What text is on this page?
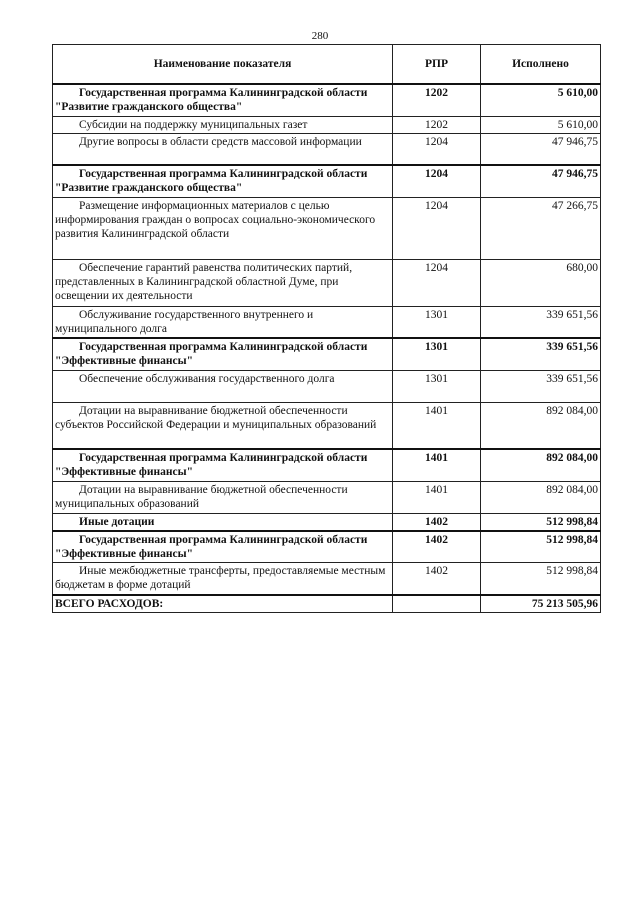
280
Наименование показателя	РПР	Исполнено
Государственная программа Калининградской области "Развитие гражданского общества"	1202	5 610,00
Субсидии на поддержку муниципальных газет	1202	5 610,00
Другие вопросы в области средств массовой информации	1204	47 946,75
Государственная программа Калининградской области "Развитие гражданского общества"	1204	47 946,75
Размещение информационных материалов с целью информирования граждан о вопросах социально-экономического развития Калининградской области	1204	47 266,75
Обеспечение гарантий равенства политических партий, представленных в Калининградской областной Думе, при освещении их деятельности	1204	680,00
Обслуживание государственного внутреннего и муниципального долга	1301	339 651,56
Государственная программа Калининградской области "Эффективные финансы"	1301	339 651,56
Обеспечение обслуживания государственного долга	1301	339 651,56
Дотации на выравнивание бюджетной обеспеченности субъектов Российской Федерации и муниципальных образований	1401	892 084,00
Государственная программа Калининградской области "Эффективные финансы"	1401	892 084,00
Дотации на выравнивание бюджетной обеспеченности муниципальных образований	1401	892 084,00
Иные дотации	1402	512 998,84
Государственная программа Калининградской области "Эффективные финансы"	1402	512 998,84
Иные межбюджетные трансферты, предоставляемые местным бюджетам в форме дотаций	1402	512 998,84
ВСЕГО РАСХОДОВ:		75 213 505,96
